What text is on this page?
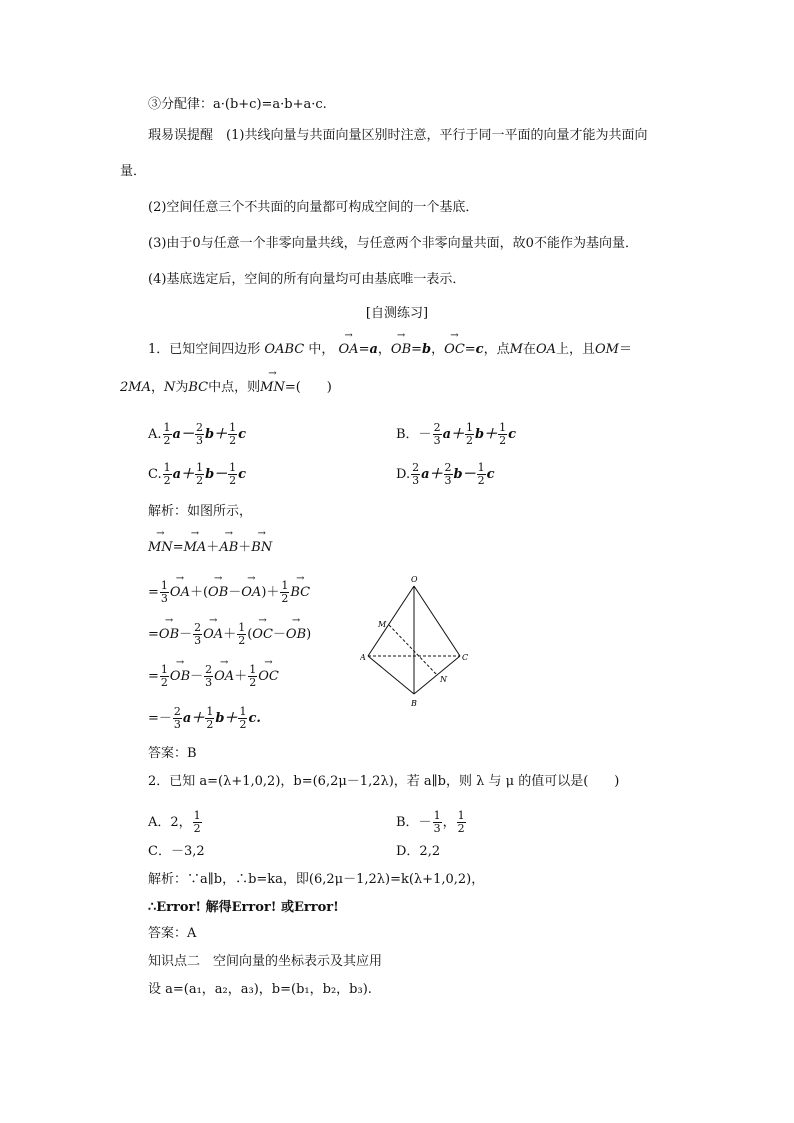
③分配律：a·(b+c)=a·b+a·c.
瑕易误提醒　 (1)共线向量与共面向量区别时注意，平行于同一平面的向量才能为共面向
量．
(2)空间任意三个不共面的向量都可构成空间的一个基底．
(3)由于0与任意一个非零向量共线，与任意两个非零向量共面，故0不能作为基向量．
(4)基底选定后，空间的所有向量均可由基底唯一表示．
[自测练习]
1．已知空间四边形 OABC 中， → OA=a，→ OB=b，→ OC=c，点M在OA上，且OM＝
2MA，N为BC中点，则→ MN=(　　)
A. $\frac{1}{2} a- \frac{2}{3} b+ \frac{1}{2}$ c	B．－ $\frac{2}{3} a+ \frac{1}{2} b+ \frac{1}{2}$ c
C. $\frac{1}{2} a+ \frac{1}{2} b- \frac{1}{2}$ c	D. $\frac{2}{3} a+ \frac{2}{3} b- \frac{1}{2}$ c
解析：如图所示，
→ MN=→ MA＋→ AB＋→ BN
= $\frac{1}{3}$
→ $OA+(\to OB-\to OA)+ \frac{1}{2}$
→ BC
=→ $OB- \frac{2}{3}$
→ $OA+ \frac{1}{2}$ (→ OC－→ OB)
= $\frac{1}{2}$
→ $OB- \frac{2}{3}$
→ $OA+ \frac{1}{2}$
→ OC
=－ $\frac{2}{3} a+ \frac{1}{2} b+ \frac{1}{2} c$.
答案：B
O
M
A	C
N
B
2．已知 a=(λ+1,0,2)，b=(6,2μ－1,2λ)，若 a∥b，则 λ 与 μ 的值可以是(　　)
A．2， $\frac{1}{2}$	B．－ $\frac{1}{3}$ ， $\frac{1}{2}$
C．－3,2	D．2,2
解析：∵a∥b，∴b=ka，即(6,2μ－1,2λ)=k(λ+1,0,2)，
∴Error! 解得Error! 或Error!
答案：A
知识点二　空间向量的坐标表示及其应用
设 a=(a₁，a₂，a₃)，b=(b₁，b₂，b₃).
